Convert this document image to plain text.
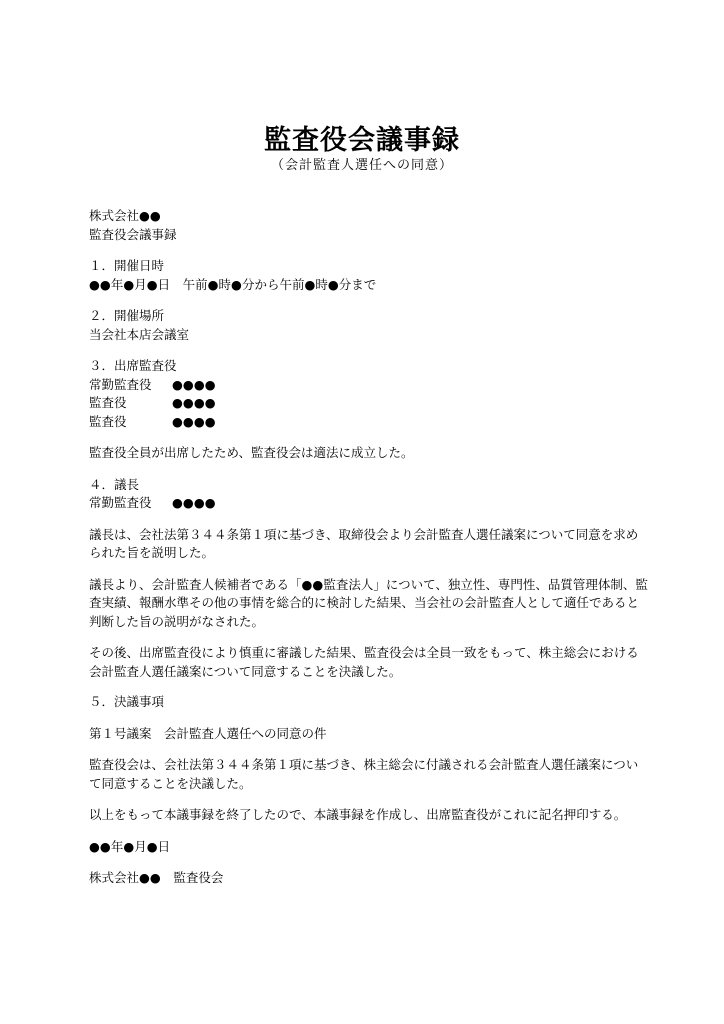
監査役会議事録
（会計監査人選任への同意）

株式会社●●

監査役会議事録

１．開催日時

●●年●月●日　午前●時●分から午前●時●分まで

２．開催場所

当会社本店会議室

３．出席監査役

常勤監査役	●●●●
監査役	●●●●
監査役	●●●●

監査役全員が出席したため、監査役会は適法に成立した。

４．議長

常勤監査役	●●●●

議長は、会社法第３４４条第１項に基づき、取締役会より会計監査人選任議案について同意を求められた旨を説明した。

議長より、会計監査人候補者である「●●監査法人」について、独立性、専門性、品質管理体制、監査実績、報酬水準その他の事情を総合的に検討した結果、当会社の会計監査人として適任であると判断した旨の説明がなされた。

その後、出席監査役により慎重に審議した結果、監査役会は全員一致をもって、株主総会における会計監査人選任議案について同意することを決議した。

５．決議事項

第１号議案　会計監査人選任への同意の件

監査役会は、会社法第３４４条第１項に基づき、株主総会に付議される会計監査人選任議案について同意することを決議した。

以上をもって本議事録を終了したので、本議事録を作成し、出席監査役がこれに記名押印する。

●●年●月●日

株式会社●●　監査役会
